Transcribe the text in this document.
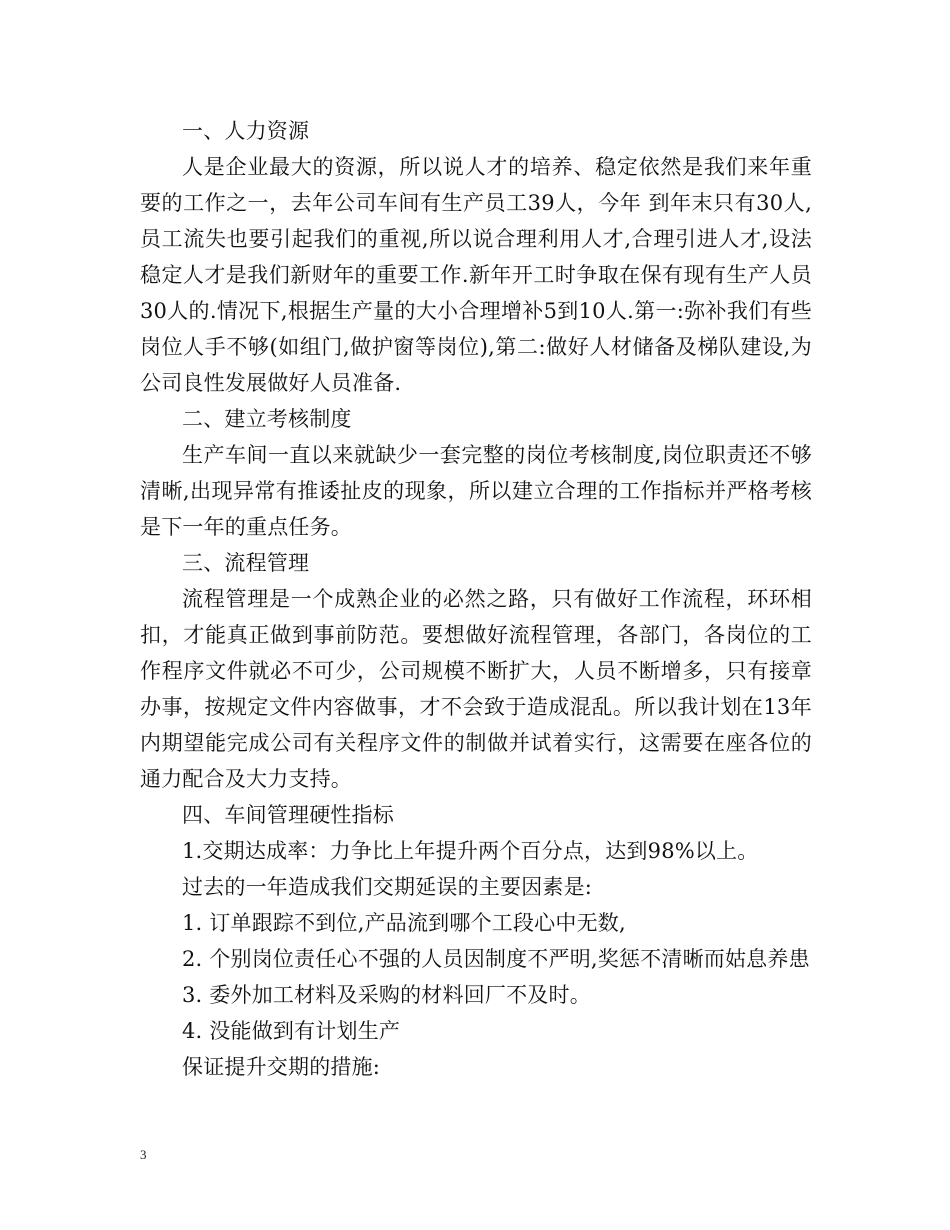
一、人力资源

人是企业最大的资源，所以说人才的培养、稳定依然是我们来年重要的工作之一，去年公司车间有生产员工39人，今年 到年末只有30人,员工流失也要引起我们的重视,所以说合理利用人才,合理引进人才,设法稳定人才是我们新财年的重要工作.新年开工时争取在保有现有生产人员30人的.情况下,根据生产量的大小合理增补5到10人.第一:弥补我们有些岗位人手不够(如组门,做护窗等岗位),第二:做好人材储备及梯队建设,为公司良性发展做好人员准备.

二、建立考核制度

生产车间一直以来就缺少一套完整的岗位考核制度,岗位职责还不够清晰,出现异常有推诿扯皮的现象，所以建立合理的工作指标并严格考核是下一年的重点任务。

三、流程管理

流程管理是一个成熟企业的必然之路，只有做好工作流程，环环相扣，才能真正做到事前防范。要想做好流程管理，各部门，各岗位的工作程序文件就必不可少，公司规模不断扩大，人员不断增多，只有接章办事，按规定文件内容做事，才不会致于造成混乱。所以我计划在13年内期望能完成公司有关程序文件的制做并试着实行，这需要在座各位的通力配合及大力支持。

四、车间管理硬性指标

1.交期达成率：力争比上年提升两个百分点，达到98%以上。

过去的一年造成我们交期延误的主要因素是:

1. 订单跟踪不到位,产品流到哪个工段心中无数,

2. 个别岗位责任心不强的人员因制度不严明,奖惩不清晰而姑息养患

3. 委外加工材料及采购的材料回厂不及时。

4. 没能做到有计划生产

保证提升交期的措施:

3
